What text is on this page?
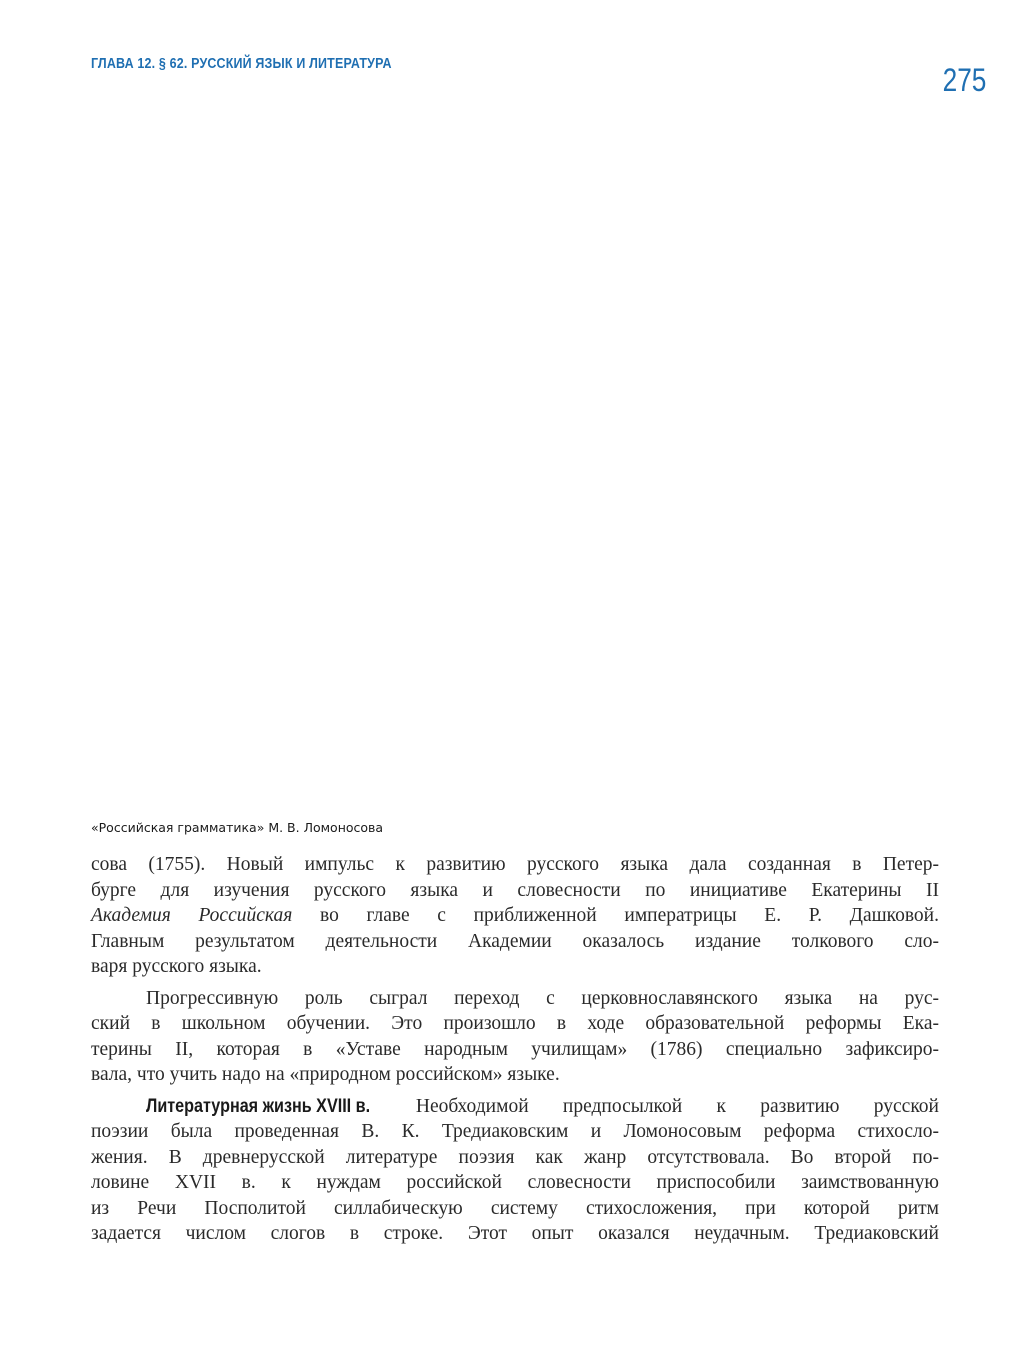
ГЛАВА 12. § 62. РУССКИЙ ЯЗЫК И ЛИТЕРАТУРА	275
«Российская грамматика» М. В. Ломоносова
сова (1755). Новый импульс к развитию русского языка дала созданная в Петер-
бурге для изучения русского языка и словесности по инициативе Екатерины II
Академия Российская во главе с приближенной императрицы Е. Р. Дашковой.
Главным результатом деятельности Академии оказалось издание толкового сло-
варя русского языка.
Прогрессивную роль сыграл переход с церковнославянского языка на рус-
ский в школьном обучении. Это произошло в ходе образовательной реформы Ека-
терины II, которая в «Уставе народным училищам» (1786) специально зафиксиро-
вала, что учить надо на «природном российском» языке.
Литературная жизнь XVIII в. Необходимой предпосылкой к развитию русской
поэзии была проведенная В. К. Тредиаковским и Ломоносовым реформа стихосло-
жения. В древнерусской литературе поэзия как жанр отсутствовала. Во второй по-
ловине XVII в. к нуждам российской словесности приспособили заимствованную
из Речи Посполитой силлабическую систему стихосложения, при которой ритм
задается числом слогов в строке. Этот опыт оказался неудачным. Тредиаковский
